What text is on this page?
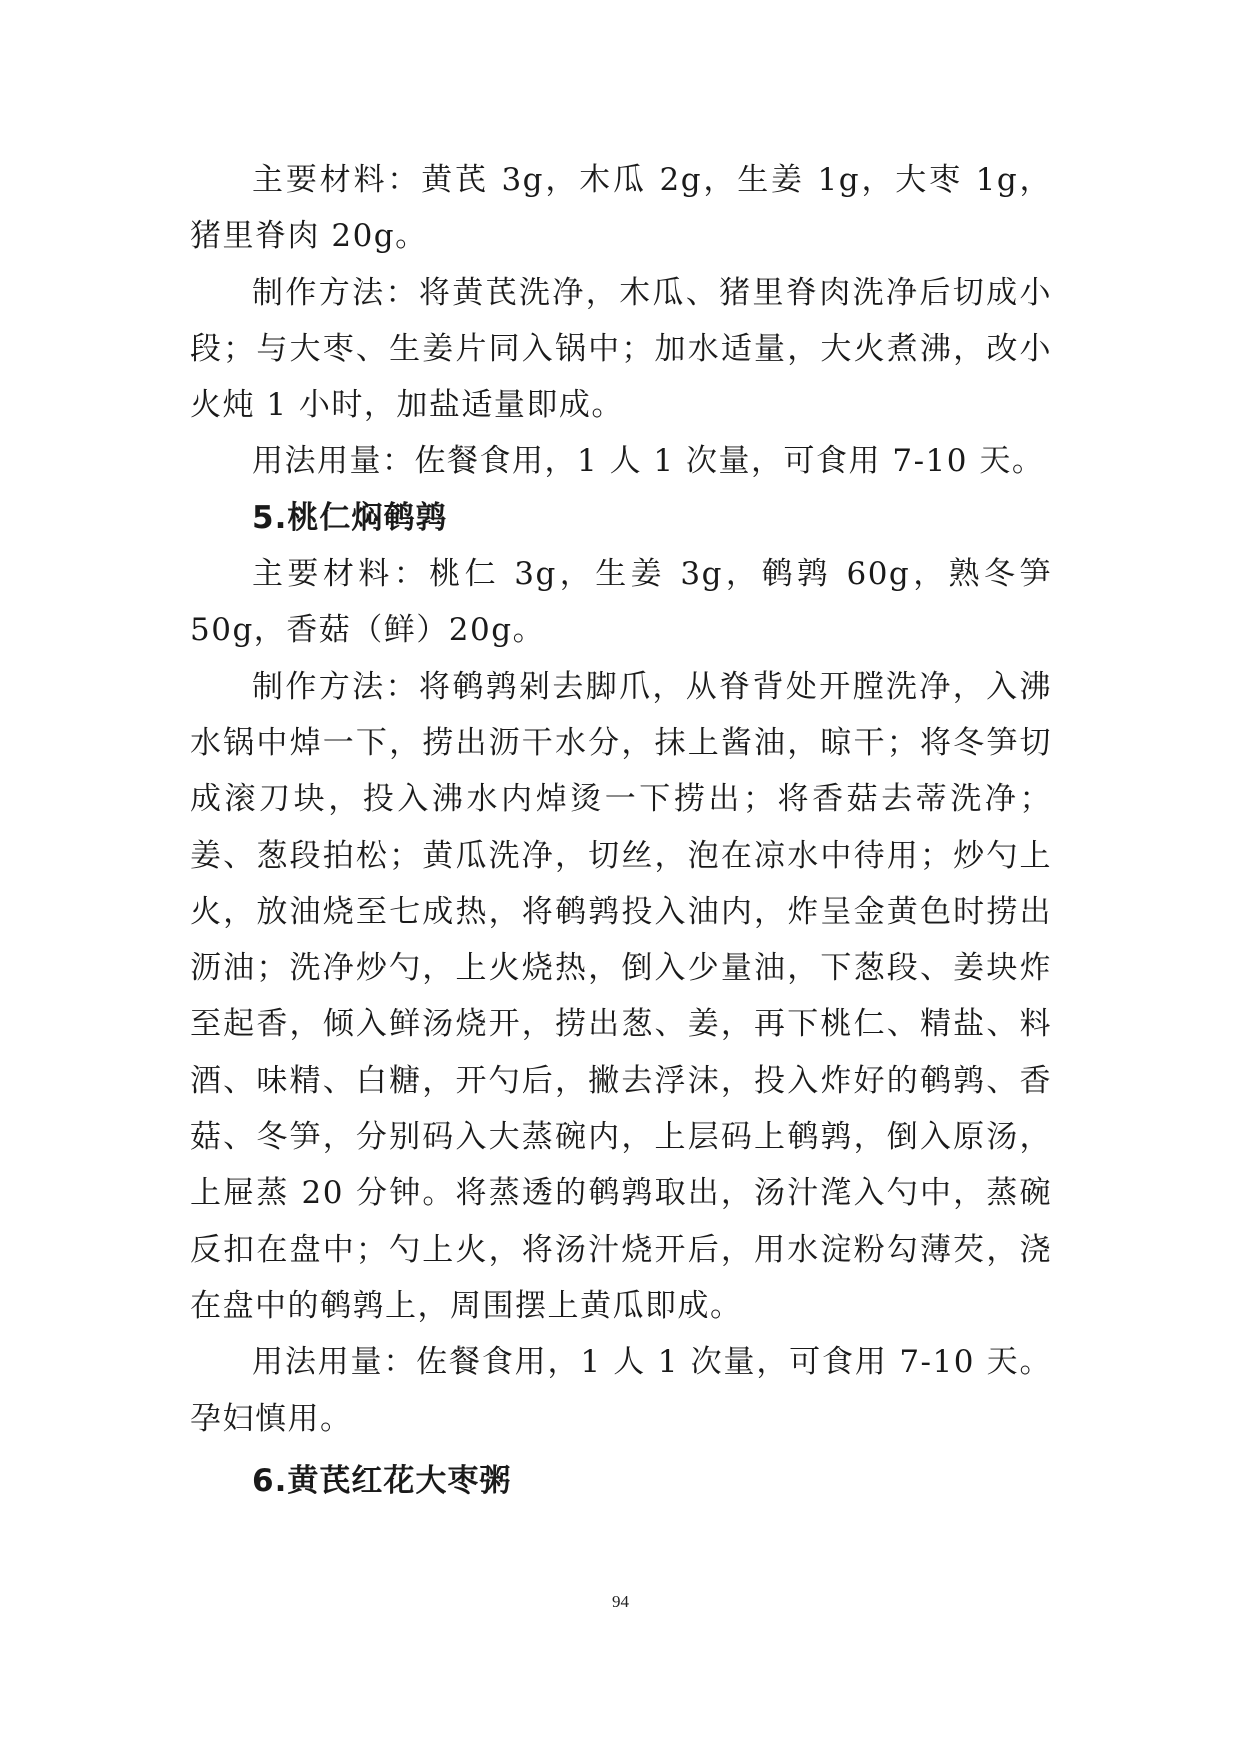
主要材料：黄芪 3g，木瓜 2g，生姜 1g，大枣 1g，猪里脊肉 20g。

制作方法：将黄芪洗净，木瓜、猪里脊肉洗净后切成小段；与大枣、生姜片同入锅中；加水适量，大火煮沸，改小火炖 1 小时，加盐适量即成。

用法用量：佐餐食用，1 人 1 次量，可食用 7-10 天。

5.桃仁焖鹌鹑

主要材料：桃仁 3g，生姜 3g，鹌鹑 60g，熟冬笋 50g，香菇（鲜）20g。

制作方法：将鹌鹑剁去脚爪，从脊背处开膛洗净，入沸水锅中焯一下，捞出沥干水分，抹上酱油，晾干；将冬笋切成滚刀块，投入沸水内焯烫一下捞出；将香菇去蒂洗净；姜、葱段拍松；黄瓜洗净，切丝，泡在凉水中待用；炒勺上火，放油烧至七成热，将鹌鹑投入油内，炸呈金黄色时捞出沥油；洗净炒勺，上火烧热，倒入少量油，下葱段、姜块炸至起香，倾入鲜汤烧开，捞出葱、姜，再下桃仁、精盐、料酒、味精、白糖，开勺后，撇去浮沫，投入炸好的鹌鹑、香菇、冬笋，分别码入大蒸碗内，上层码上鹌鹑，倒入原汤，上屉蒸 20 分钟。将蒸透的鹌鹑取出，汤汁滗入勺中，蒸碗反扣在盘中；勺上火，将汤汁烧开后，用水淀粉勾薄芡，浇在盘中的鹌鹑上，周围摆上黄瓜即成。

用法用量：佐餐食用，1 人 1 次量，可食用 7-10 天。孕妇慎用。

6.黄芪红花大枣粥
94
